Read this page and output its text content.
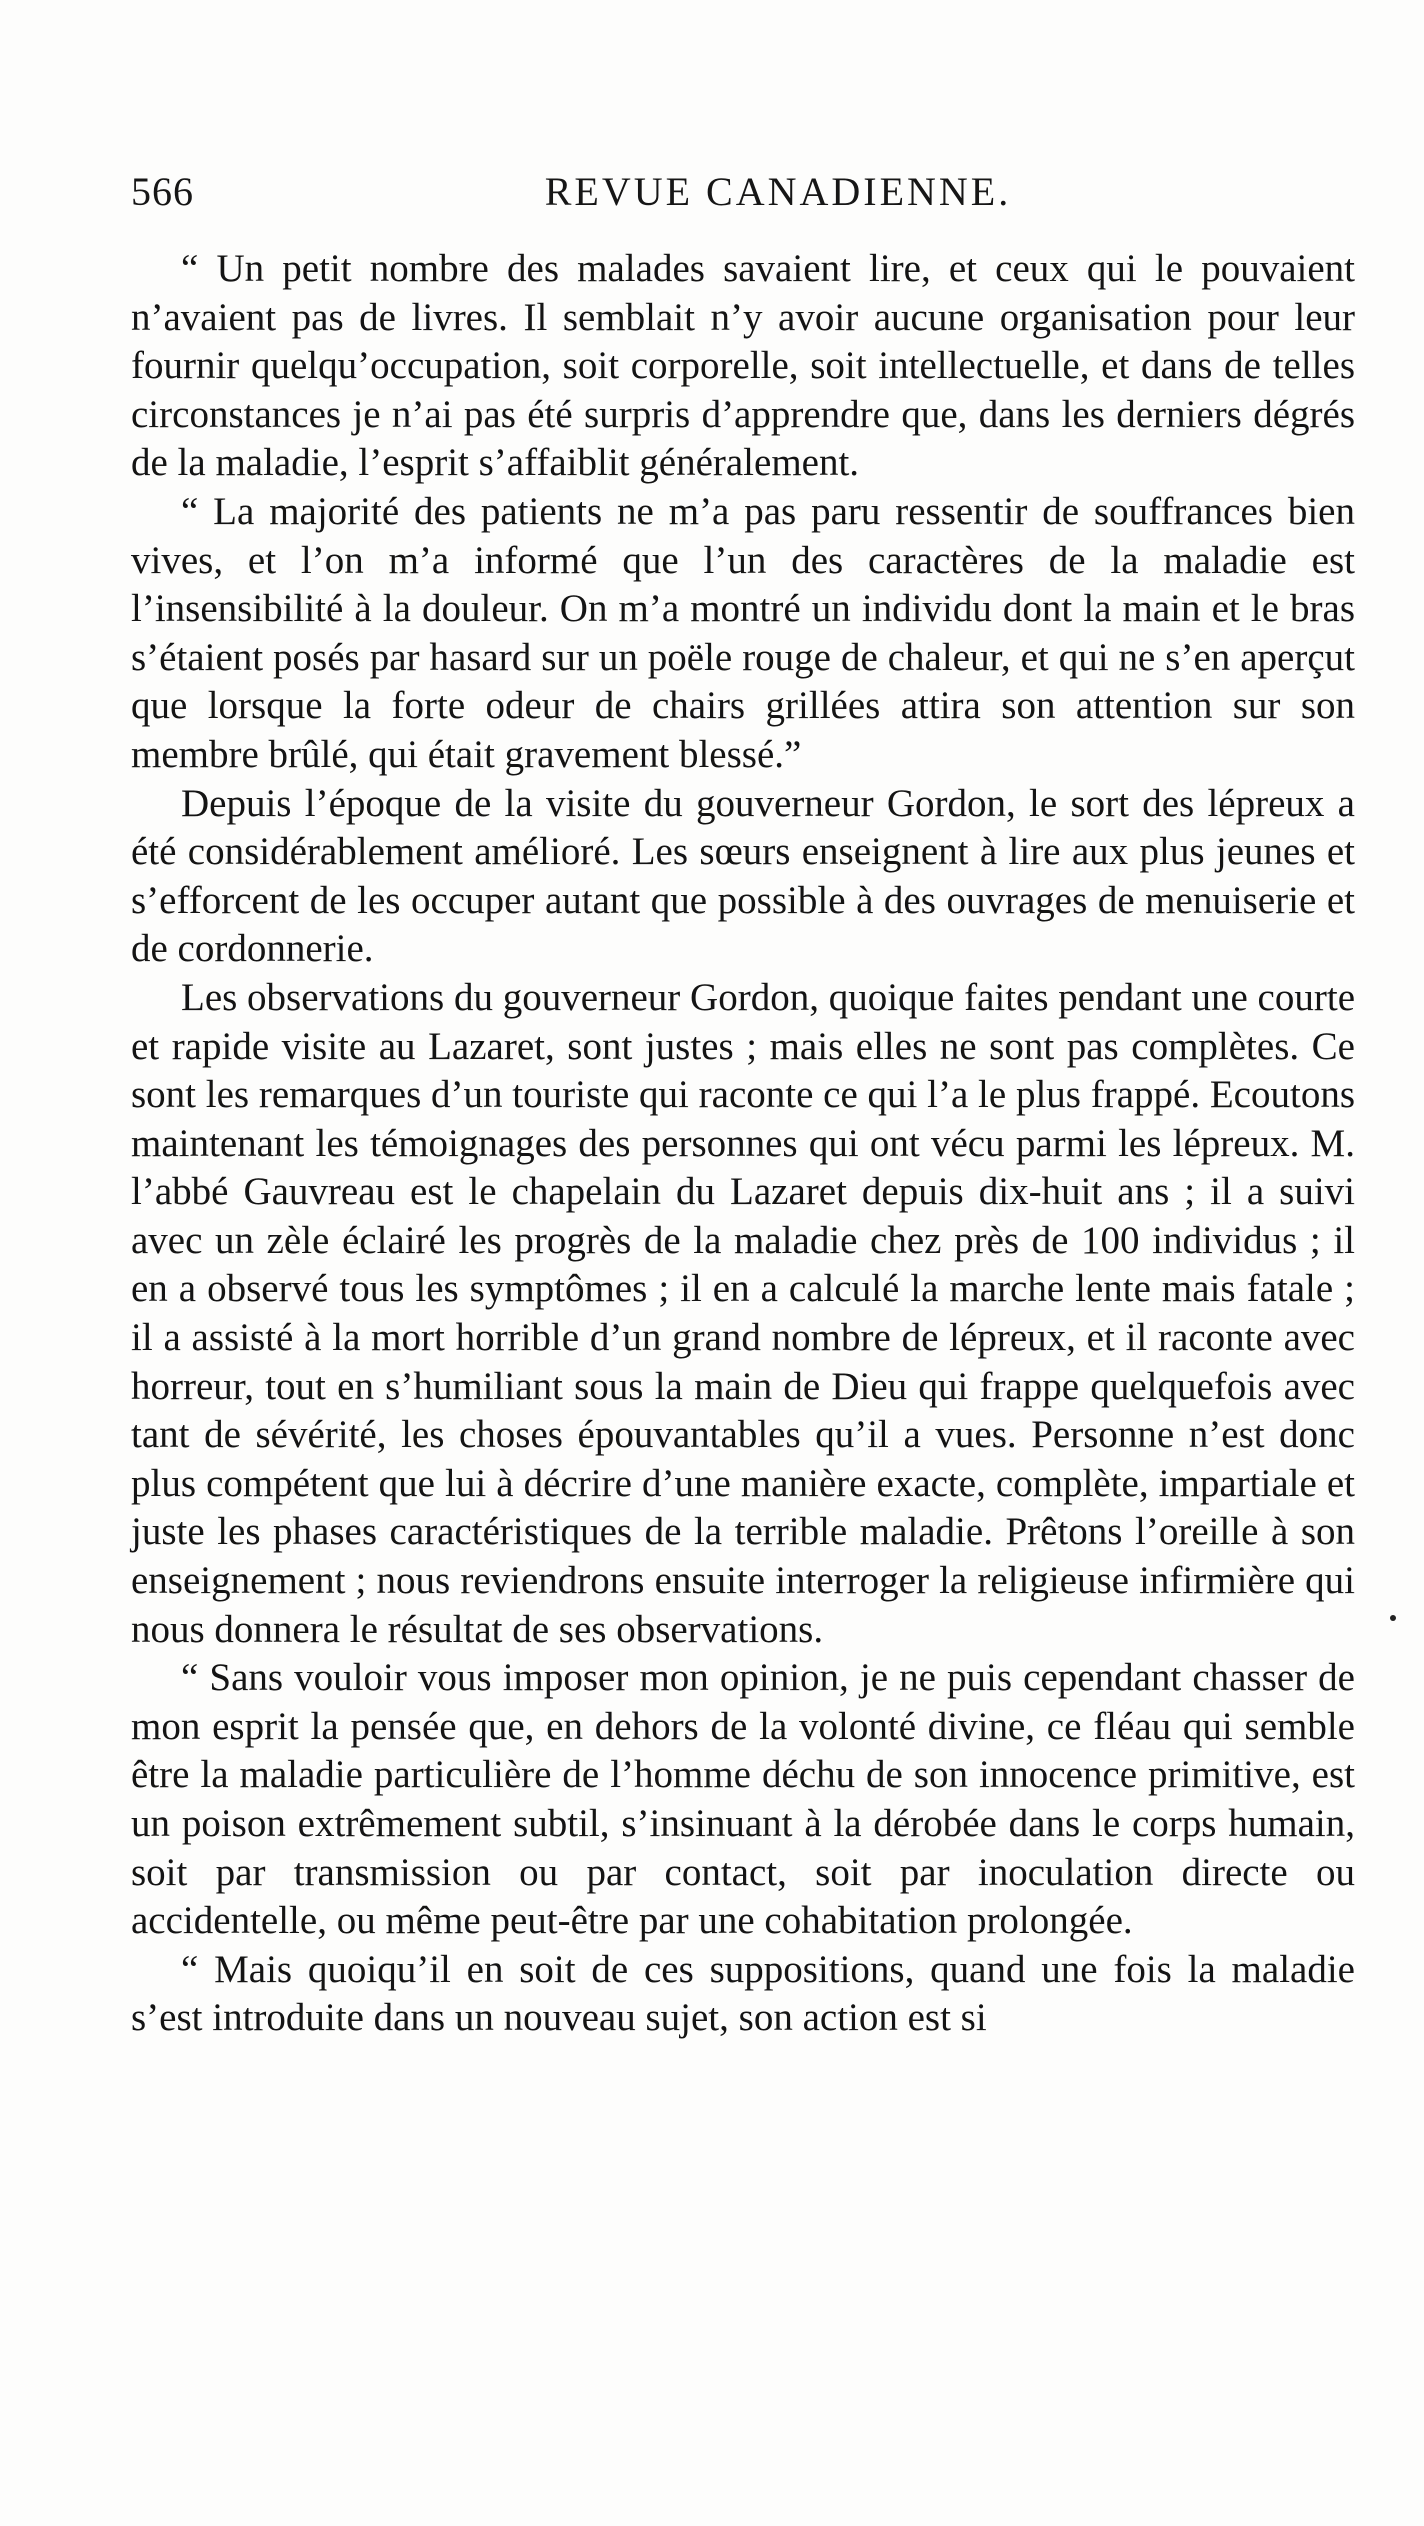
566	REVUE CANADIENNE.

“ Un petit nombre des malades savaient lire, et ceux qui le pouvaient n’avaient pas de livres. Il semblait n’y avoir aucune organisation pour leur fournir quelqu’occupation, soit corporelle, soit intellectuelle, et dans de telles circonstances je n’ai pas été surpris d’apprendre que, dans les derniers dégrés de la maladie, l’esprit s’affaiblit généralement.

“ La majorité des patients ne m’a pas paru ressentir de souffrances bien vives, et l’on m’a informé que l’un des caractères de la maladie est l’insensibilité à la douleur. On m’a montré un individu dont la main et le bras s’étaient posés par hasard sur un poële rouge de chaleur, et qui ne s’en aperçut que lorsque la forte odeur de chairs grillées attira son attention sur son membre brûlé, qui était gravement blessé.”

Depuis l’époque de la visite du gouverneur Gordon, le sort des lépreux a été considérablement amélioré. Les sœurs enseignent à lire aux plus jeunes et s’efforcent de les occuper autant que possible à des ouvrages de menuiserie et de cordonnerie.

Les observations du gouverneur Gordon, quoique faites pendant une courte et rapide visite au Lazaret, sont justes ; mais elles ne sont pas complètes. Ce sont les remarques d’un touriste qui raconte ce qui l’a le plus frappé. Ecoutons maintenant les témoignages des personnes qui ont vécu parmi les lépreux. M. l’abbé Gauvreau est le chapelain du Lazaret depuis dix-huit ans ; il a suivi avec un zèle éclairé les progrès de la maladie chez près de 100 individus ; il en a observé tous les symptômes ; il en a calculé la marche lente mais fatale ; il a assisté à la mort horrible d’un grand nombre de lépreux, et il raconte avec horreur, tout en s’humiliant sous la main de Dieu qui frappe quelquefois avec tant de sévérité, les choses épouvantables qu’il a vues. Personne n’est donc plus compétent que lui à décrire d’une manière exacte, complète, impartiale et juste les phases caractéristiques de la terrible maladie. Prêtons l’oreille à son enseignement ; nous reviendrons ensuite interroger la religieuse infirmière qui nous donnera le résultat de ses observations.

“ Sans vouloir vous imposer mon opinion, je ne puis cependant chasser de mon esprit la pensée que, en dehors de la volonté divine, ce fléau qui semble être la maladie particulière de l’homme déchu de son innocence primitive, est un poison extrêmement subtil, s’insinuant à la dérobée dans le corps humain, soit par transmission ou par contact, soit par inoculation directe ou accidentelle, ou même peut-être par une cohabitation prolongée.

“ Mais quoiqu’il en soit de ces suppositions, quand une fois la maladie s’est introduite dans un nouveau sujet, son action est si
